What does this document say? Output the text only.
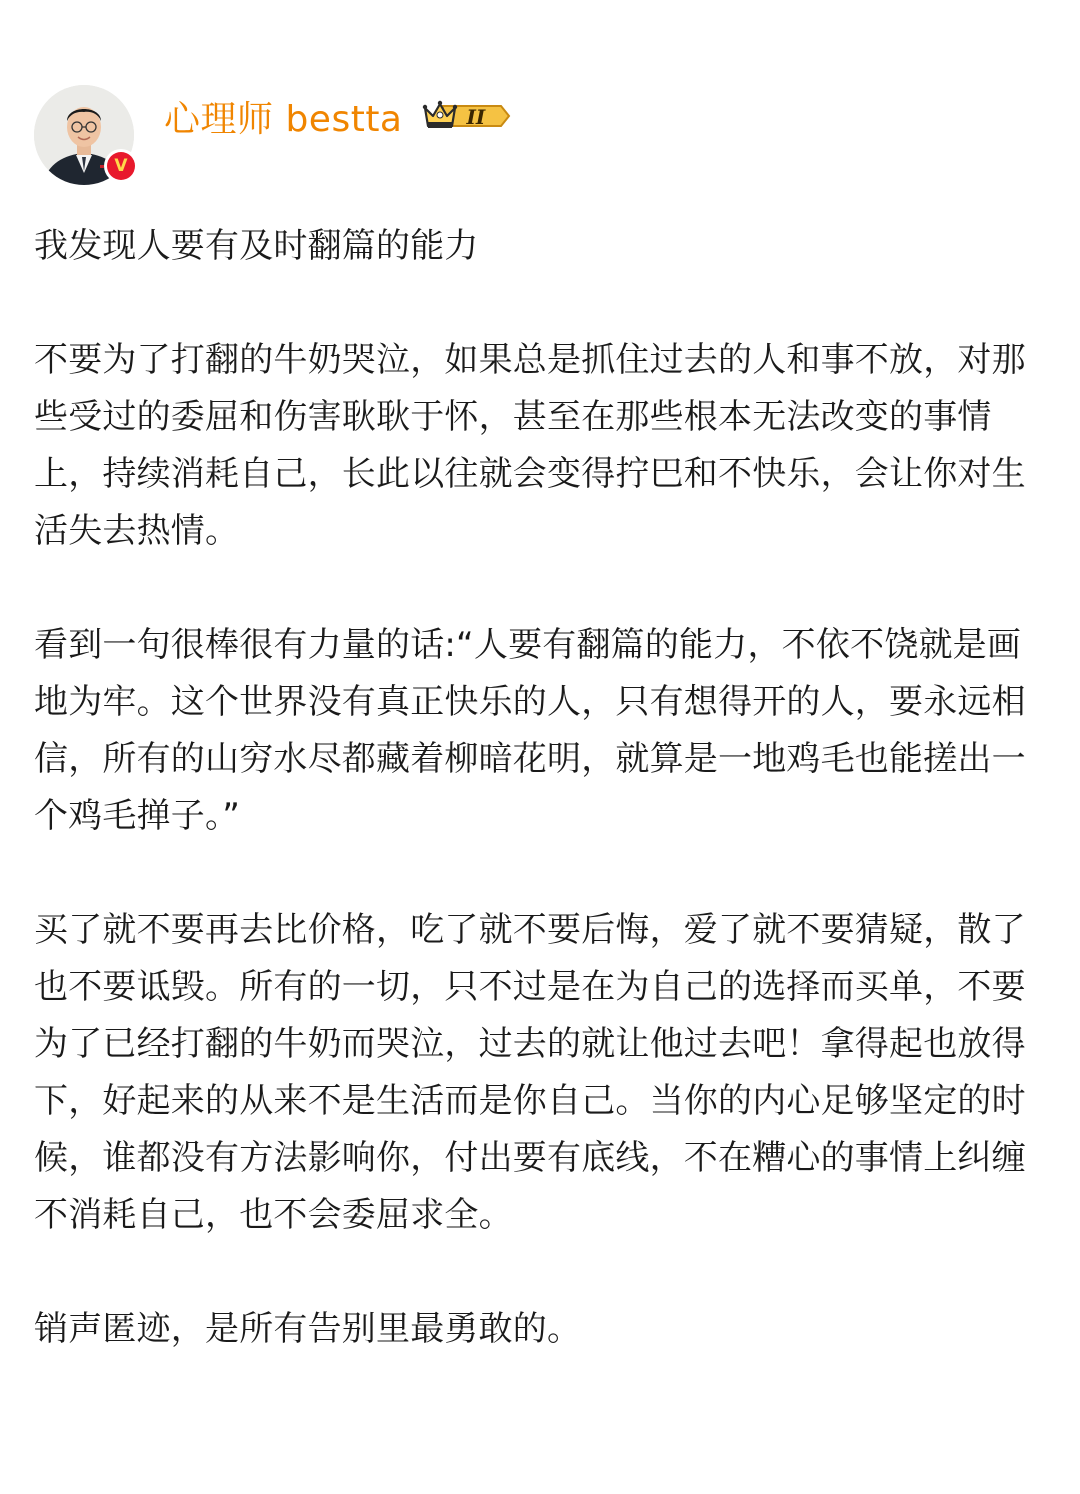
V
心理师 bestta	II

我发现人要有及时翻篇的能力

不要为了打翻的牛奶哭泣，如果总是抓住过去的人和事不放，对那些受过的委屈和伤害耿耿于怀，甚至在那些根本无法改变的事情上，持续消耗自己，长此以往就会变得拧巴和不快乐，会让你对生活失去热情。

看到一句很棒很有力量的话:“人要有翻篇的能力，不依不饶就是画地为牢。这个世界没有真正快乐的人，只有想得开的人，要永远相信，所有的山穷水尽都藏着柳暗花明，就算是一地鸡毛也能搓出一个鸡毛掸子。”

买了就不要再去比价格，吃了就不要后悔，爱了就不要猜疑，散了也不要诋毁。所有的一切，只不过是在为自己的选择而买单，不要为了已经打翻的牛奶而哭泣，过去的就让他过去吧！拿得起也放得下，好起来的从来不是生活而是你自己。当你的内心足够坚定的时候，谁都没有方法影响你，付出要有底线，不在糟心的事情上纠缠不消耗自己，也不会委屈求全。

销声匿迹，是所有告别里最勇敢的。
